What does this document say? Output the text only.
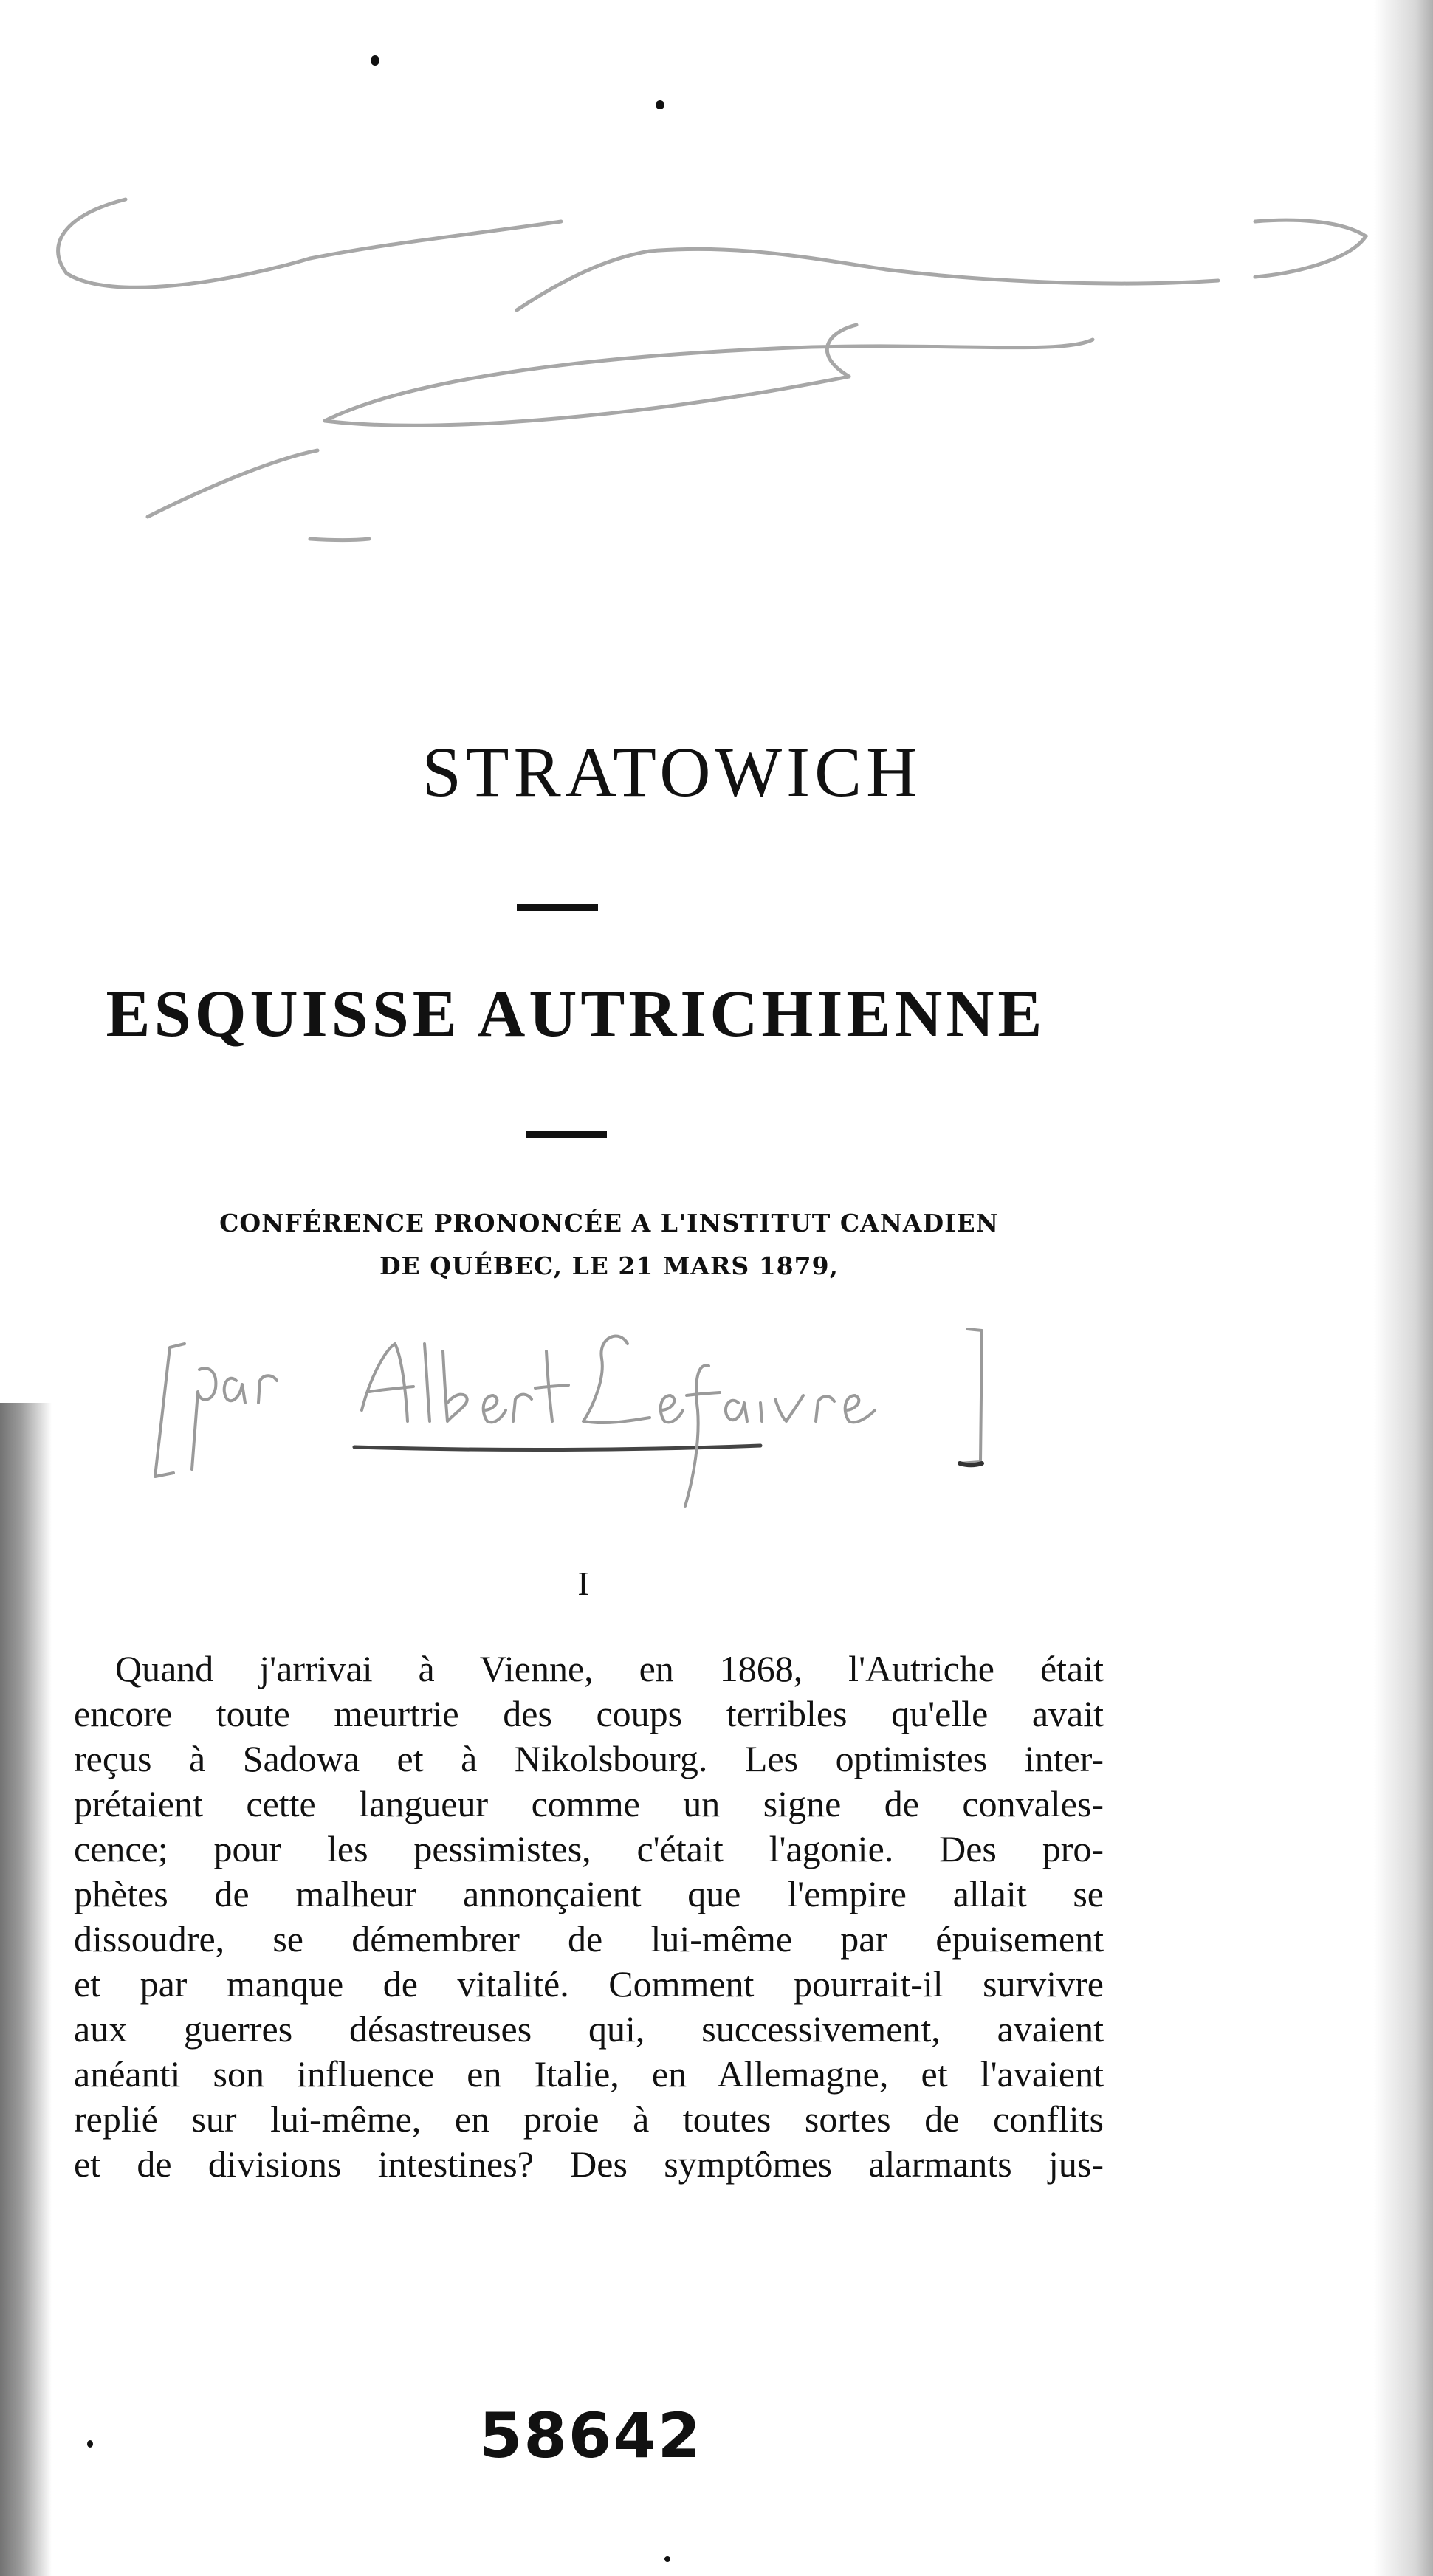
STRATOWICH
ESQUISSE AUTRICHIENNE

CONFÉRENCE PRONONCÉE A L'INSTITUT CANADIEN
DE QUÉBEC, LE 21 MARS 1879,

I

Quand j'arrivai à Vienne, en 1868, l'Autriche était
encore toute meurtrie des coups terribles qu'elle avait
reçus à Sadowa et à Nikolsbourg. Les optimistes inter-
prétaient cette langueur comme un signe de convales-
cence; pour les pessimistes, c'était l'agonie. Des pro-
phètes de malheur annonçaient que l'empire allait se
dissoudre, se démembrer de lui-même par épuisement
et par manque de vitalité. Comment pourrait-il survivre
aux guerres désastreuses qui, successivement, avaient
anéanti son influence en Italie, en Allemagne, et l'avaient
replié sur lui-même, en proie à toutes sortes de conflits
et de divisions intestines? Des symptômes alarmants jus-

58642
